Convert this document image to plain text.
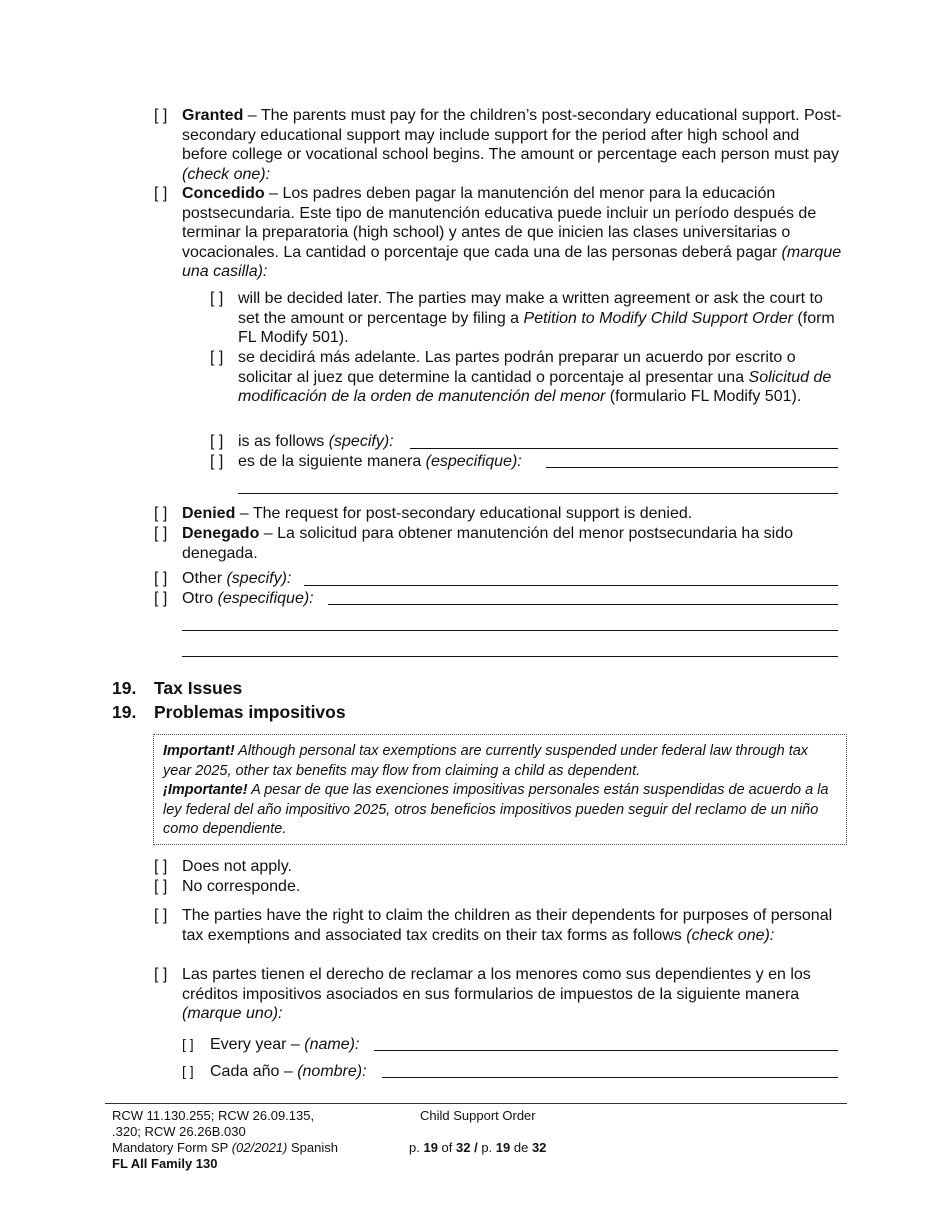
[ ] Granted – The parents must pay for the children’s post-secondary educational support. Post-secondary educational support may include support for the period after high school and before college or vocational school begins. The amount or percentage each person must pay (check one):
[ ] Concedido – Los padres deben pagar la manutención del menor para la educación postsecundaria. Este tipo de manutención educativa puede incluir un período después de terminar la preparatoria (high school) y antes de que inicien las clases universitarias o vocacionales. La cantidad o porcentaje que cada una de las personas deberá pagar (marque una casilla):
[ ] will be decided later. The parties may make a written agreement or ask the court to set the amount or percentage by filing a Petition to Modify Child Support Order (form FL Modify 501).
[ ] se decidirá más adelante. Las partes podrán preparar un acuerdo por escrito o solicitar al juez que determine la cantidad o porcentaje al presentar una Solicitud de modificación de la orden de manutención del menor (formulario FL Modify 501).
[ ] is as follows (specify):
[ ] es de la siguiente manera (especifique):
[ ] Denied – The request for post-secondary educational support is denied.
[ ] Denegado – La solicitud para obtener manutención del menor postsecundaria ha sido denegada.
[ ] Other (specify):
[ ] Otro (especifique):
19. Tax Issues
19. Problemas impositivos
Important! Although personal tax exemptions are currently suspended under federal law through tax year 2025, other tax benefits may flow from claiming a child as dependent.
¡Importante! A pesar de que las exenciones impositivas personales están suspendidas de acuerdo a la ley federal del año impositivo 2025, otros beneficios impositivos pueden seguir del reclamo de un niño como dependiente.
[ ] Does not apply.
[ ] No corresponde.
[ ] The parties have the right to claim the children as their dependents for purposes of personal tax exemptions and associated tax credits on their tax forms as follows (check one):
[ ] Las partes tienen el derecho de reclamar a los menores como sus dependientes y en los créditos impositivos asociados en sus formularios de impuestos de la siguiente manera (marque uno):
[ ] Every year – (name):
[ ] Cada año – (nombre):
RCW 11.130.255; RCW 26.09.135,
.320; RCW 26.26B.030
Mandatory Form SP (02/2021) Spanish
FL All Family 130
Child Support Order
p. 19 of 32 / p. 19 de 32
